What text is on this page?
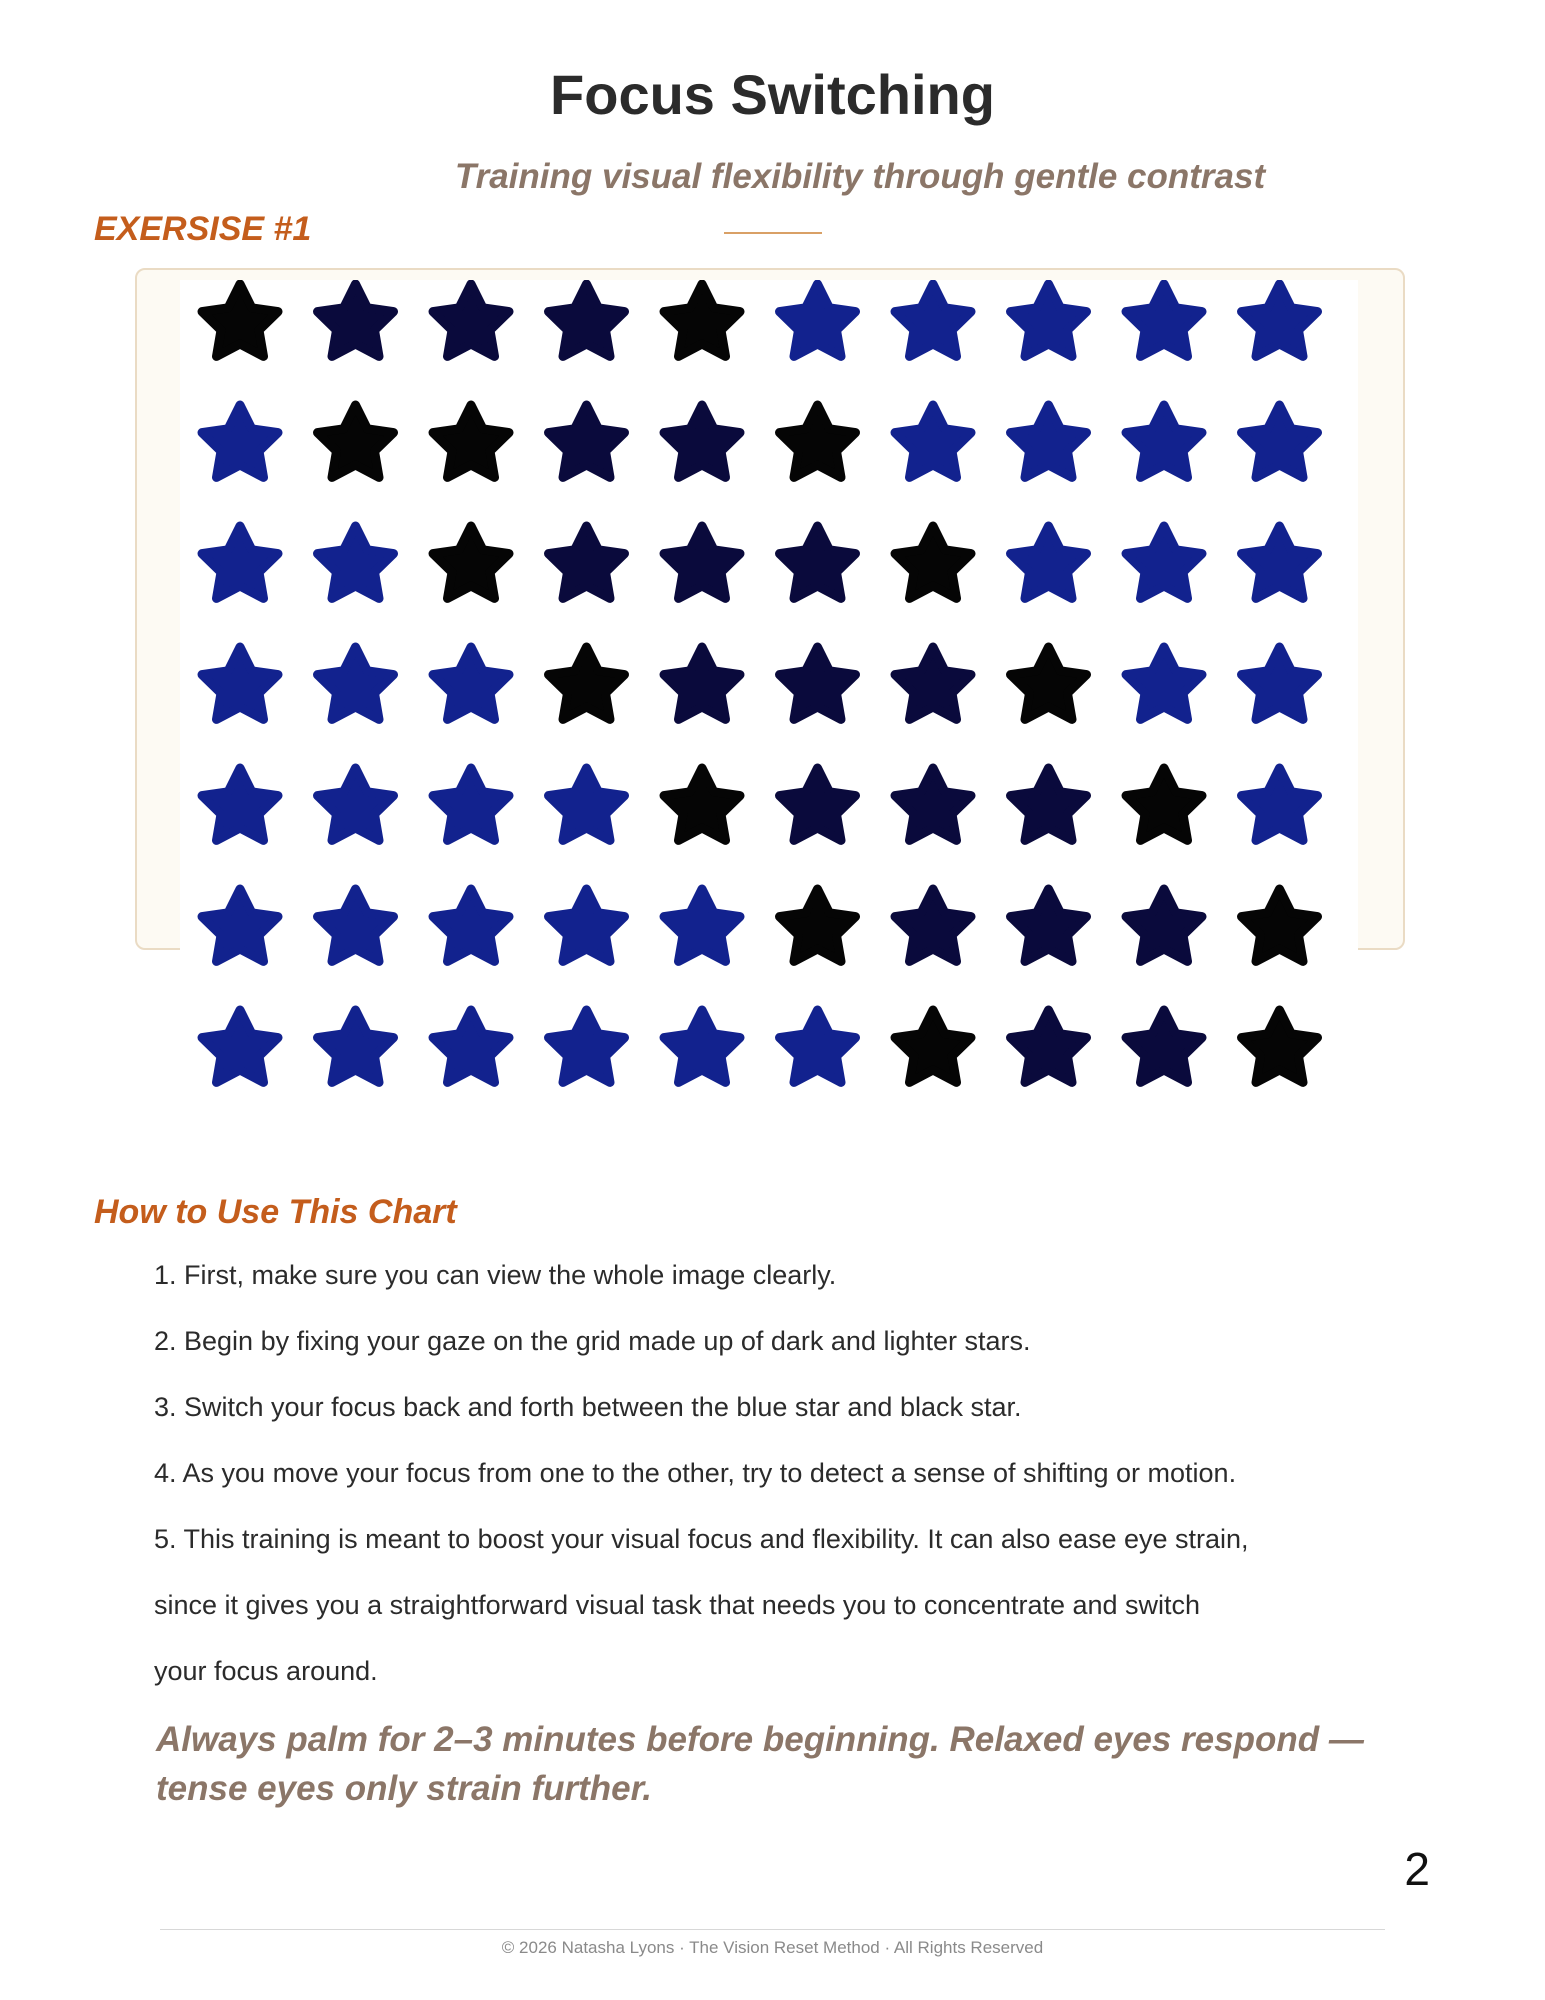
Focus Switching
Training visual flexibility through gentle contrast
EXERSISE #1
How to Use This Chart
1. First, make sure you can view the whole image clearly.
2. Begin by fixing your gaze on the grid made up of dark and lighter stars.
3. Switch your focus back and forth between the blue star and black star.
4. As you move your focus from one to the other, try to detect a sense of shifting or motion.
5. This training is meant to boost your visual focus and flexibility. It can also ease eye strain,
since it gives you a straightforward visual task that needs you to concentrate and switch
your focus around.
Always palm for 2–3 minutes before beginning. Relaxed eyes respond — tense eyes only strain further.
2
© 2026 Natasha Lyons · The Vision Reset Method · All Rights Reserved
